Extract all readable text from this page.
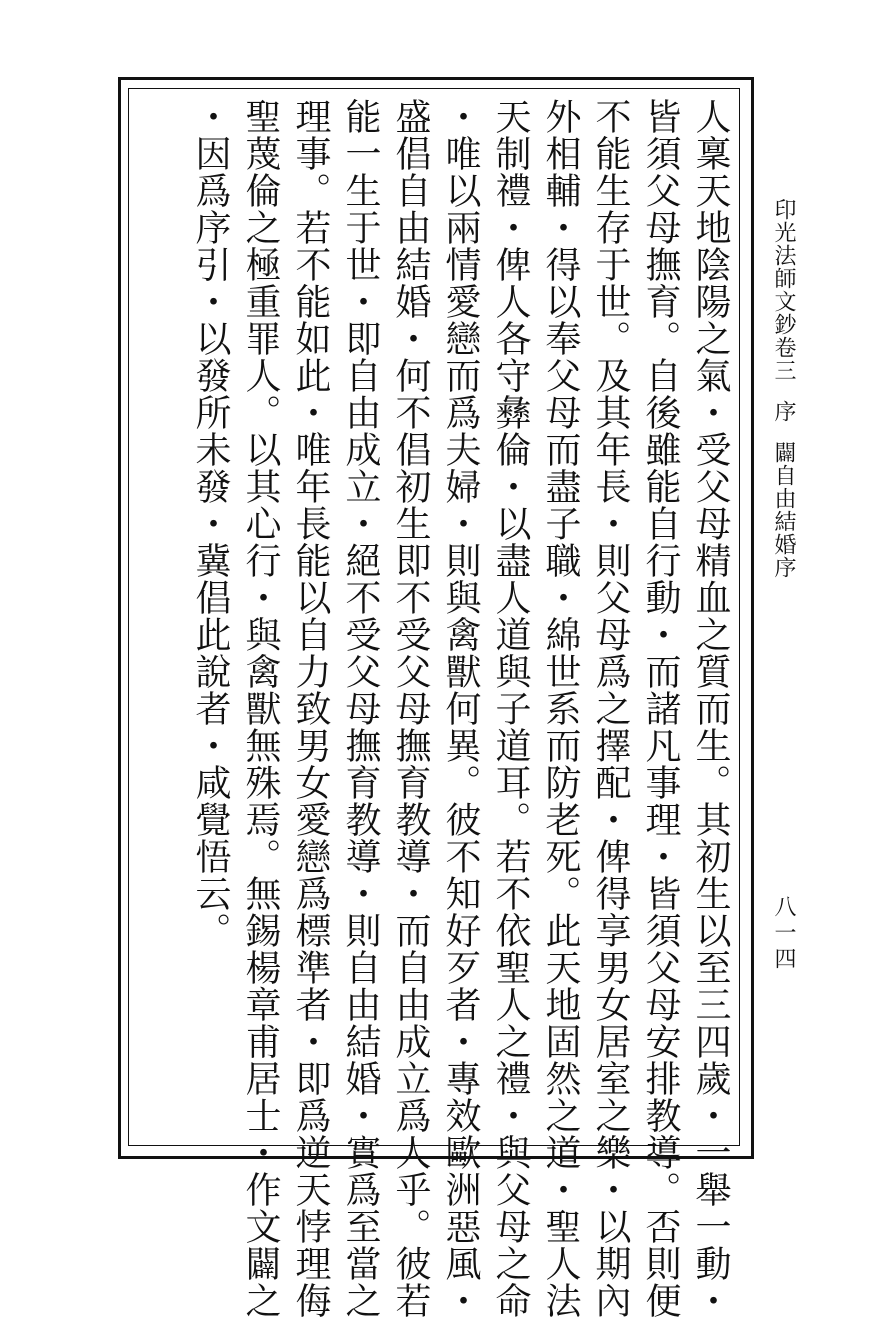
印光法師文鈔卷三序闢自由結婚序
八一四
人稟天地陰陽之氣・受父母精血之質而生。其初生以至三四歲・一舉一動・
皆須父母撫育。自後雖能自行動・而諸凡事理・皆須父母安排教導。否則便
不能生存于世。及其年長・則父母爲之擇配・俾得享男女居室之樂・以期內
外相輔・得以奉父母而盡子職・綿世系而防老死。此天地固然之道・聖人法
天制禮・俾人各守彝倫・以盡人道與子道耳。若不依聖人之禮・與父母之命
・唯以兩情愛戀而爲夫婦・則與禽獸何異。彼不知好歹者・專效歐洲惡風・
盛倡自由結婚・何不倡初生即不受父母撫育教導・而自由成立爲人乎。彼若
能一生于世・即自由成立・絕不受父母撫育教導・則自由結婚・實爲至當之
理事。若不能如此・唯年長能以自力致男女愛戀爲標準者・即爲逆天悖理侮
聖蔑倫之極重罪人。以其心行・與禽獸無殊焉。無錫楊章甫居士・作文闢之
・因爲序引・以發所未發・冀倡此說者・咸覺悟云。
